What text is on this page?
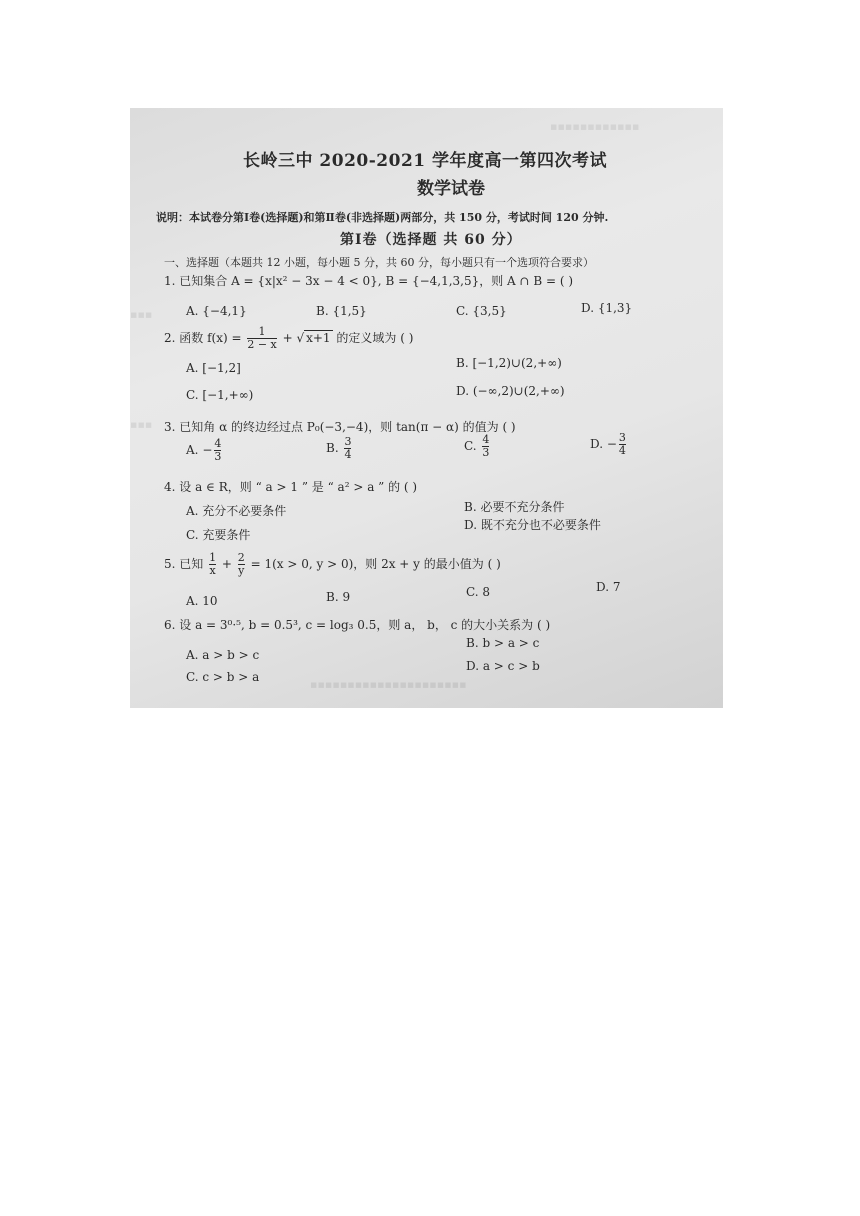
▪▪▪▪▪▪▪▪▪▪▪▪
▪▪▪
▪▪▪
▪▪▪▪▪▪▪▪▪▪▪▪▪▪▪▪▪▪▪▪▪
长岭三中 2020-2021 学年度高一第四次考试
数学试卷
说明：本试卷分第Ⅰ卷(选择题)和第Ⅱ卷(非选择题)两部分，共 150 分，考试时间 120 分钟.
第Ⅰ卷（选择题 共 60 分）
一、选择题（本题共 12 小题，每小题 5 分，共 60 分，每小题只有一个选项符合要求）
1. 已知集合 A = {x|x² − 3x − 4 < 0}, B = {−4,1,3,5}，则 A ∩ B = ( )
A. {−4,1}	B. {1,5}	C. {3,5}	D. {1,3}
2. 函数 $f(x) = \frac{1}{2 - x}$ + √ x+1 的定义域为 ( )
A. [−1,2]	B. [−1,2)∪(2,+∞)
C. [−1,+∞)	D. (−∞,2)∪(2,+∞)
3. 已知角 α 的终边经过点 P₀(−3,−4)，则 tan(π − α) 的值为 ( )
A. − $\frac{4}{3}$	B. $\frac{3}{4}$	C. $\frac{4}{3}$	D. − $\frac{3}{4}$
4. 设 a ∈ R，则 “ a > 1 ” 是 “ a² > a ” 的 ( )
A. 充分不必要条件	B. 必要不充分条件
C. 充要条件
D. 既不充分也不必要条件
5. 已知 $\frac{1}{x} + \frac{2}{y} = 1(x > 0$, y > 0)，则 2x + y 的最小值为 ( )
A. 10	B. 9	C. 8	D. 7
6. 设 a = 3⁰·⁵, b = 0.5³, c = log₃ 0.5，则 a， b， c 的大小关系为 ( )
A. a > b > c
B. b > a > c
C. c > b > a
D. a > c > b
